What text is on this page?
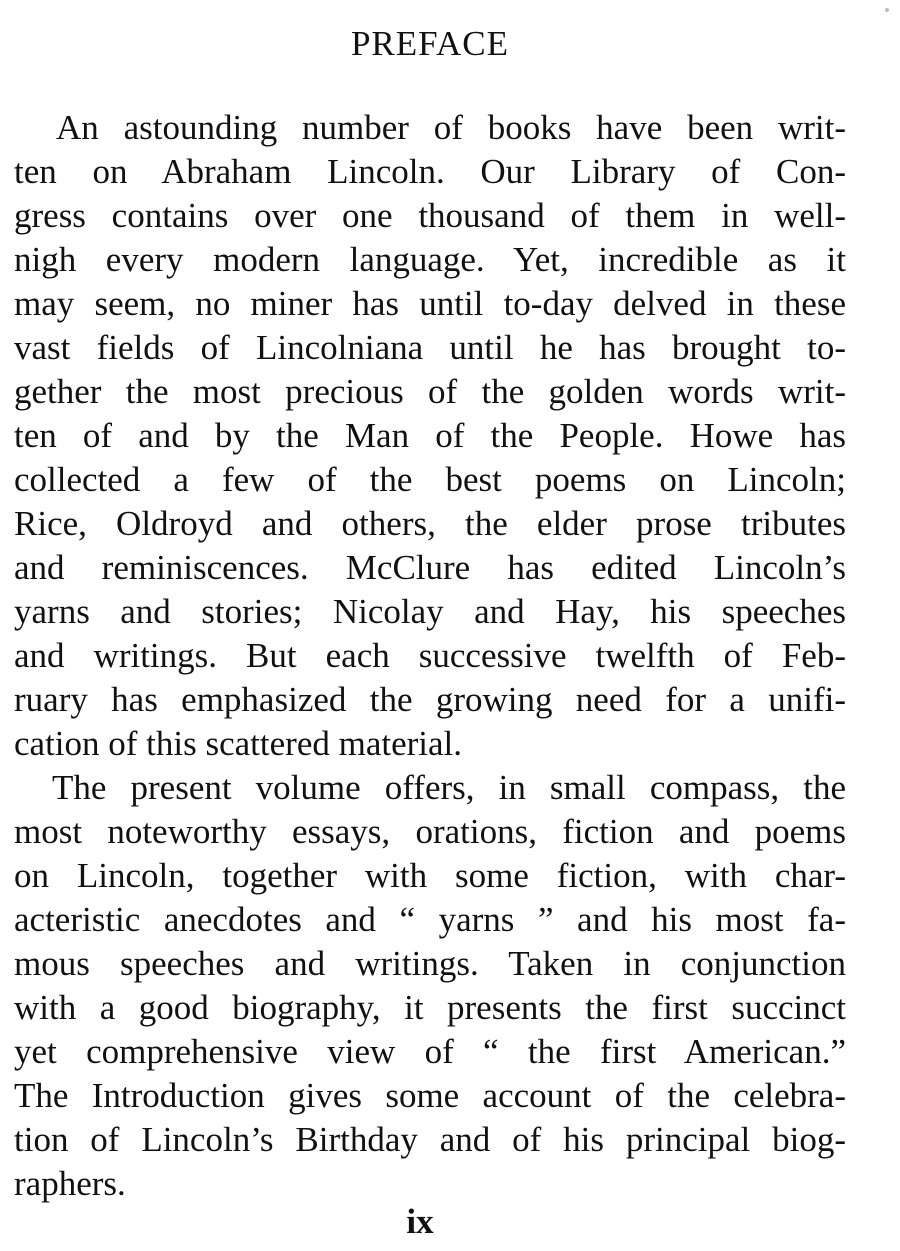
PREFACE
An astounding number of books have been writ-
ten on Abraham Lincoln. Our Library of Con-
gress contains over one thousand of them in well-
nigh every modern language. Yet, incredible as it
may seem, no miner has until to-day delved in these
vast fields of Lincolniana until he has brought to-
gether the most precious of the golden words writ-
ten of and by the Man of the People. Howe has
collected a few of the best poems on Lincoln;
Rice, Oldroyd and others, the elder prose tributes
and reminiscences. McClure has edited Lincoln’s
yarns and stories; Nicolay and Hay, his speeches
and writings. But each successive twelfth of Feb-
ruary has emphasized the growing need for a unifi-
cation of this scattered material.
The present volume offers, in small compass, the
most noteworthy essays, orations, fiction and poems
on Lincoln, together with some fiction, with char-
acteristic anecdotes and “ yarns ” and his most fa-
mous speeches and writings. Taken in conjunction
with a good biography, it presents the first succinct
yet comprehensive view of “ the first American.”
The Introduction gives some account of the celebra-
tion of Lincoln’s Birthday and of his principal biog-
raphers.
ix
